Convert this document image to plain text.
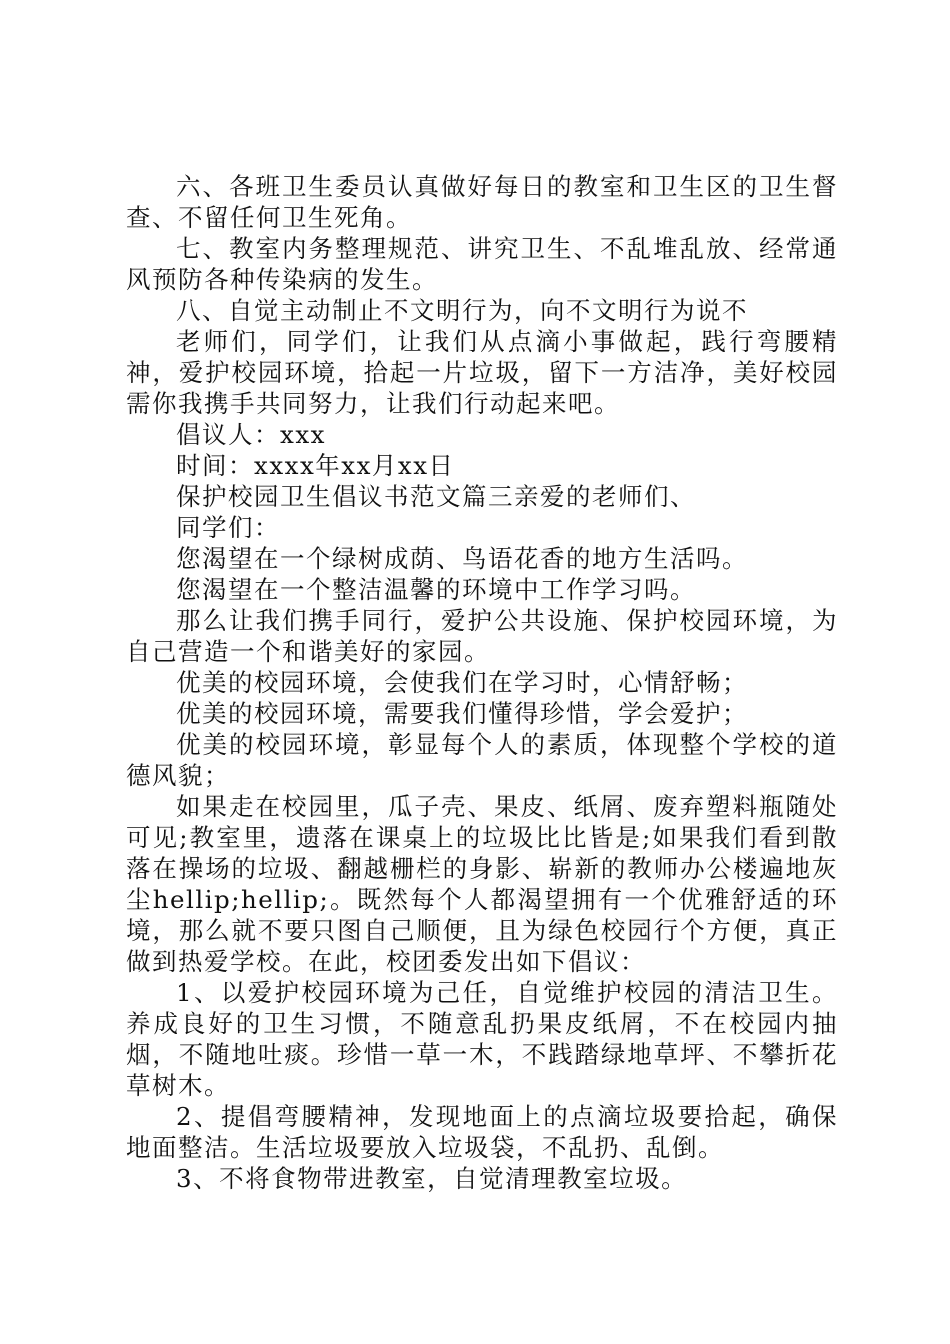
六、各班卫生委员认真做好每日的教室和卫生区的卫生督查、不留任何卫生死角。

七、教室内务整理规范、讲究卫生、不乱堆乱放、经常通风预防各种传染病的发生。

八、自觉主动制止不文明行为，向不文明行为说不

老师们，同学们，让我们从点滴小事做起，践行弯腰精神，爱护校园环境，拾起一片垃圾，留下一方洁净，美好校园需你我携手共同努力，让我们行动起来吧。

倡议人：xxx

时间：xxxx年xx月xx日

保护校园卫生倡议书范文篇三亲爱的老师们、

同学们：

您渴望在一个绿树成荫、鸟语花香的地方生活吗。

您渴望在一个整洁温馨的环境中工作学习吗。

那么让我们携手同行，爱护公共设施、保护校园环境，为自己营造一个和谐美好的家园。

优美的校园环境，会使我们在学习时，心情舒畅；

优美的校园环境，需要我们懂得珍惜，学会爱护；

优美的校园环境，彰显每个人的素质，体现整个学校的道德风貌；

如果走在校园里，瓜子壳、果皮、纸屑、废弃塑料瓶随处可见;教室里，遗落在课桌上的垃圾比比皆是;如果我们看到散落在操场的垃圾、翻越栅栏的身影、崭新的教师办公楼遍地灰尘hellip;hellip;。既然每个人都渴望拥有一个优雅舒适的环境，那么就不要只图自己顺便，且为绿色校园行个方便，真正做到热爱学校。在此，校团委发出如下倡议：

1、以爱护校园环境为己任，自觉维护校园的清洁卫生。养成良好的卫生习惯，不随意乱扔果皮纸屑，不在校园内抽烟，不随地吐痰。珍惜一草一木，不践踏绿地草坪、不攀折花草树木。

2、提倡弯腰精神，发现地面上的点滴垃圾要拾起，确保地面整洁。生活垃圾要放入垃圾袋，不乱扔、乱倒。

3、不将食物带进教室，自觉清理教室垃圾。
